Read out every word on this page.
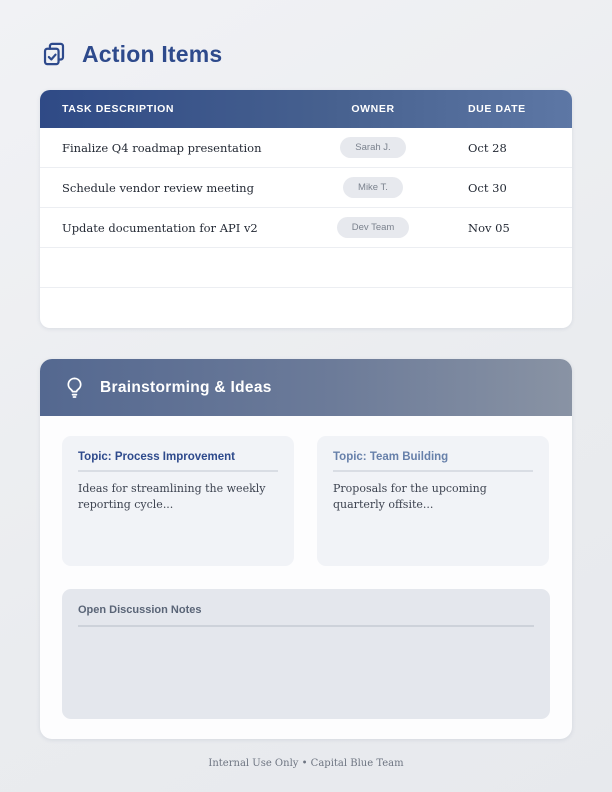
Action Items
TASK DESCRIPTION	OWNER	DUE DATE
Finalize Q4 roadmap presentation	Sarah J.	Oct 28
Schedule vendor review meeting	Mike T.	Oct 30
Update documentation for API v2	Dev Team	Nov 05
Brainstorming & Ideas
Topic: Process Improvement

Ideas for streamlining the weekly reporting cycle...

Topic: Team Building

Proposals for the upcoming quarterly offsite...

Open Discussion Notes
Internal Use Only • Capital Blue Team
